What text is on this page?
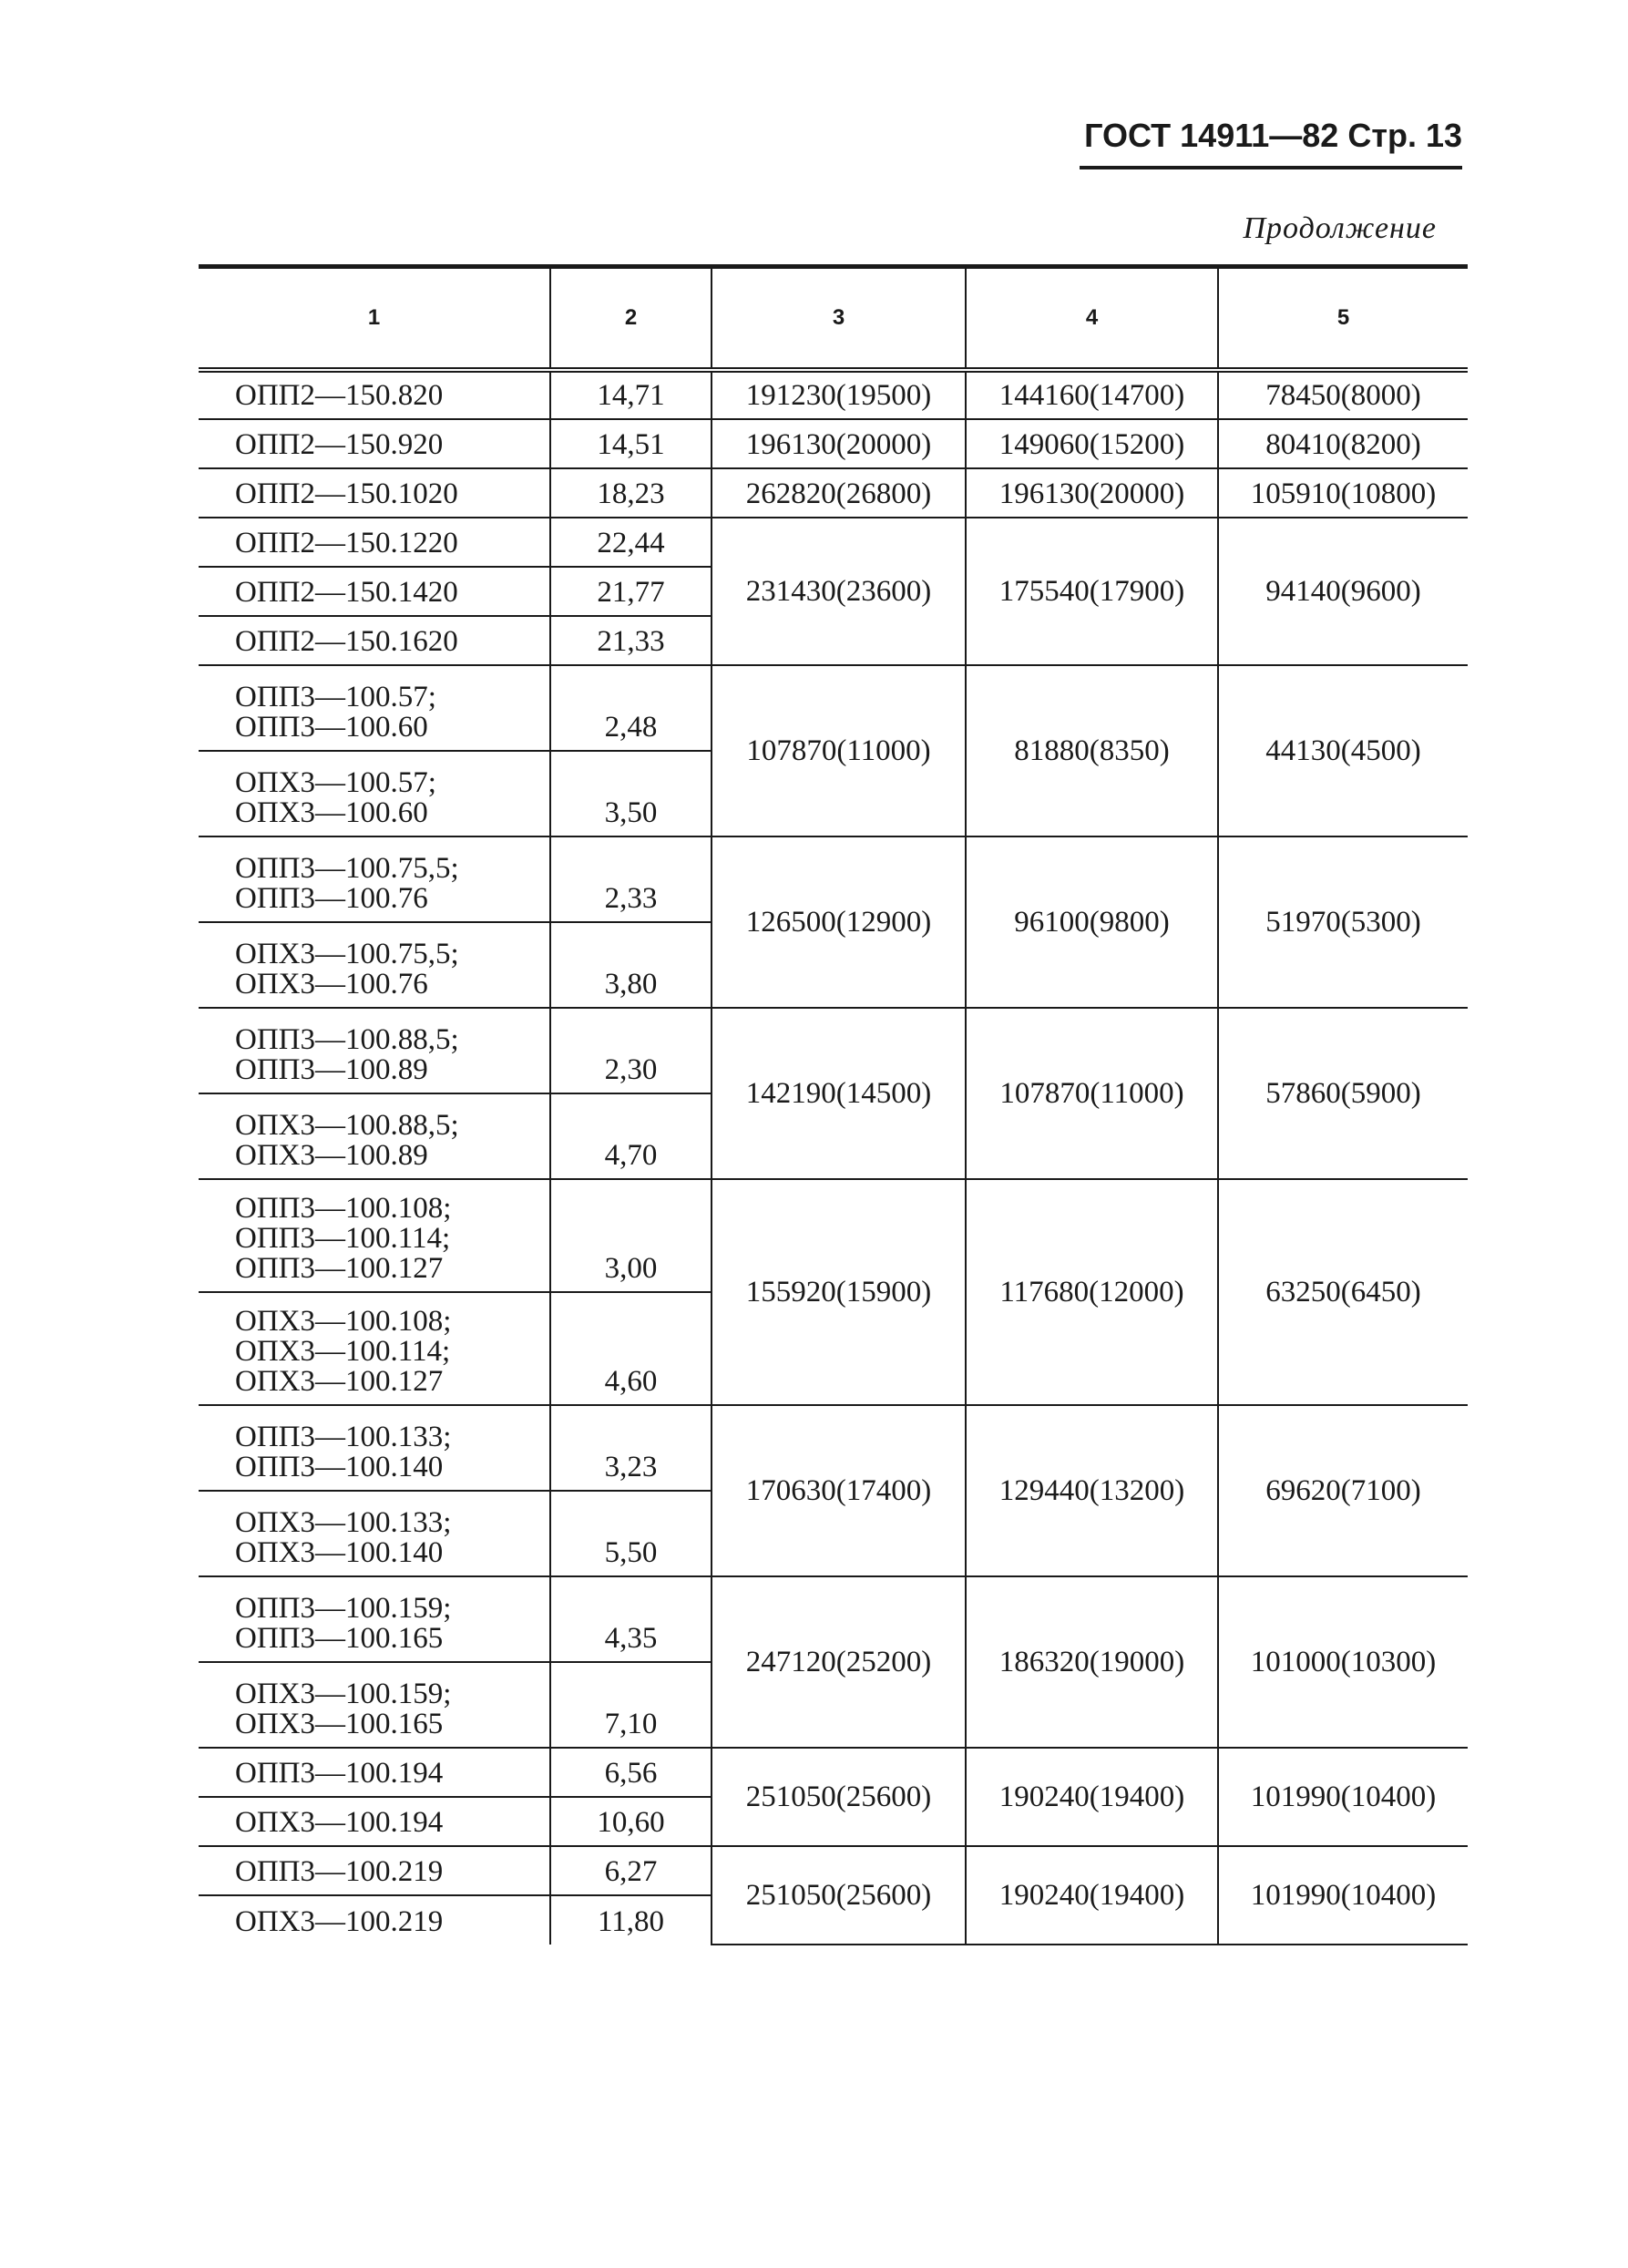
ГОСТ 14911—82 Стр. 13
Продолжение
1	2	3	4	5

ОПП2—150.820	14,71	191230(19500)	144160(14700)	78450(8000)

ОПП2—150.920	14,51	196130(20000)	149060(15200)	80410(8200)

ОПП2—150.1020	18,23	262820(26800)	196130(20000)	105910(10800)

ОПП2—150.1220	22,44	231430(23600)	175540(17900)	94140(9600)

ОПП2—150.1420	21,77			

ОПП2—150.1620	21,33			

ОПП3—100.57;
ОПП3—100.60	2,48	107870(11000)	81880(8350)	44130(4500)

ОПХ3—100.57;
ОПХ3—100.60	3,50			

ОПП3—100.75,5;
ОПП3—100.76	2,33	126500(12900)	96100(9800)	51970(5300)

ОПХ3—100.75,5;
ОПХ3—100.76	3,80			

ОПП3—100.88,5;
ОПП3—100.89	2,30	142190(14500)	107870(11000)	57860(5900)

ОПХ3—100.88,5;
ОПХ3—100.89	4,70			

ОПП3—100.108;
ОПП3—100.114;
ОПП3—100.127	3,00	155920(15900)	117680(12000)	63250(6450)

ОПХ3—100.108;
ОПХ3—100.114;
ОПХ3—100.127	4,60			

ОПП3—100.133;
ОПП3—100.140	3,23	170630(17400)	129440(13200)	69620(7100)

ОПХ3—100.133;
ОПХ3—100.140	5,50			

ОПП3—100.159;
ОПП3—100.165	4,35	247120(25200)	186320(19000)	101000(10300)

ОПХ3—100.159;
ОПХ3—100.165	7,10			

ОПП3—100.194	6,56	251050(25600)	190240(19400)	101990(10400)

ОПХ3—100.194	10,60			

ОПП3—100.219	6,27	251050(25600)	190240(19400)	101990(10400)

ОПХ3—100.219	11,80			
